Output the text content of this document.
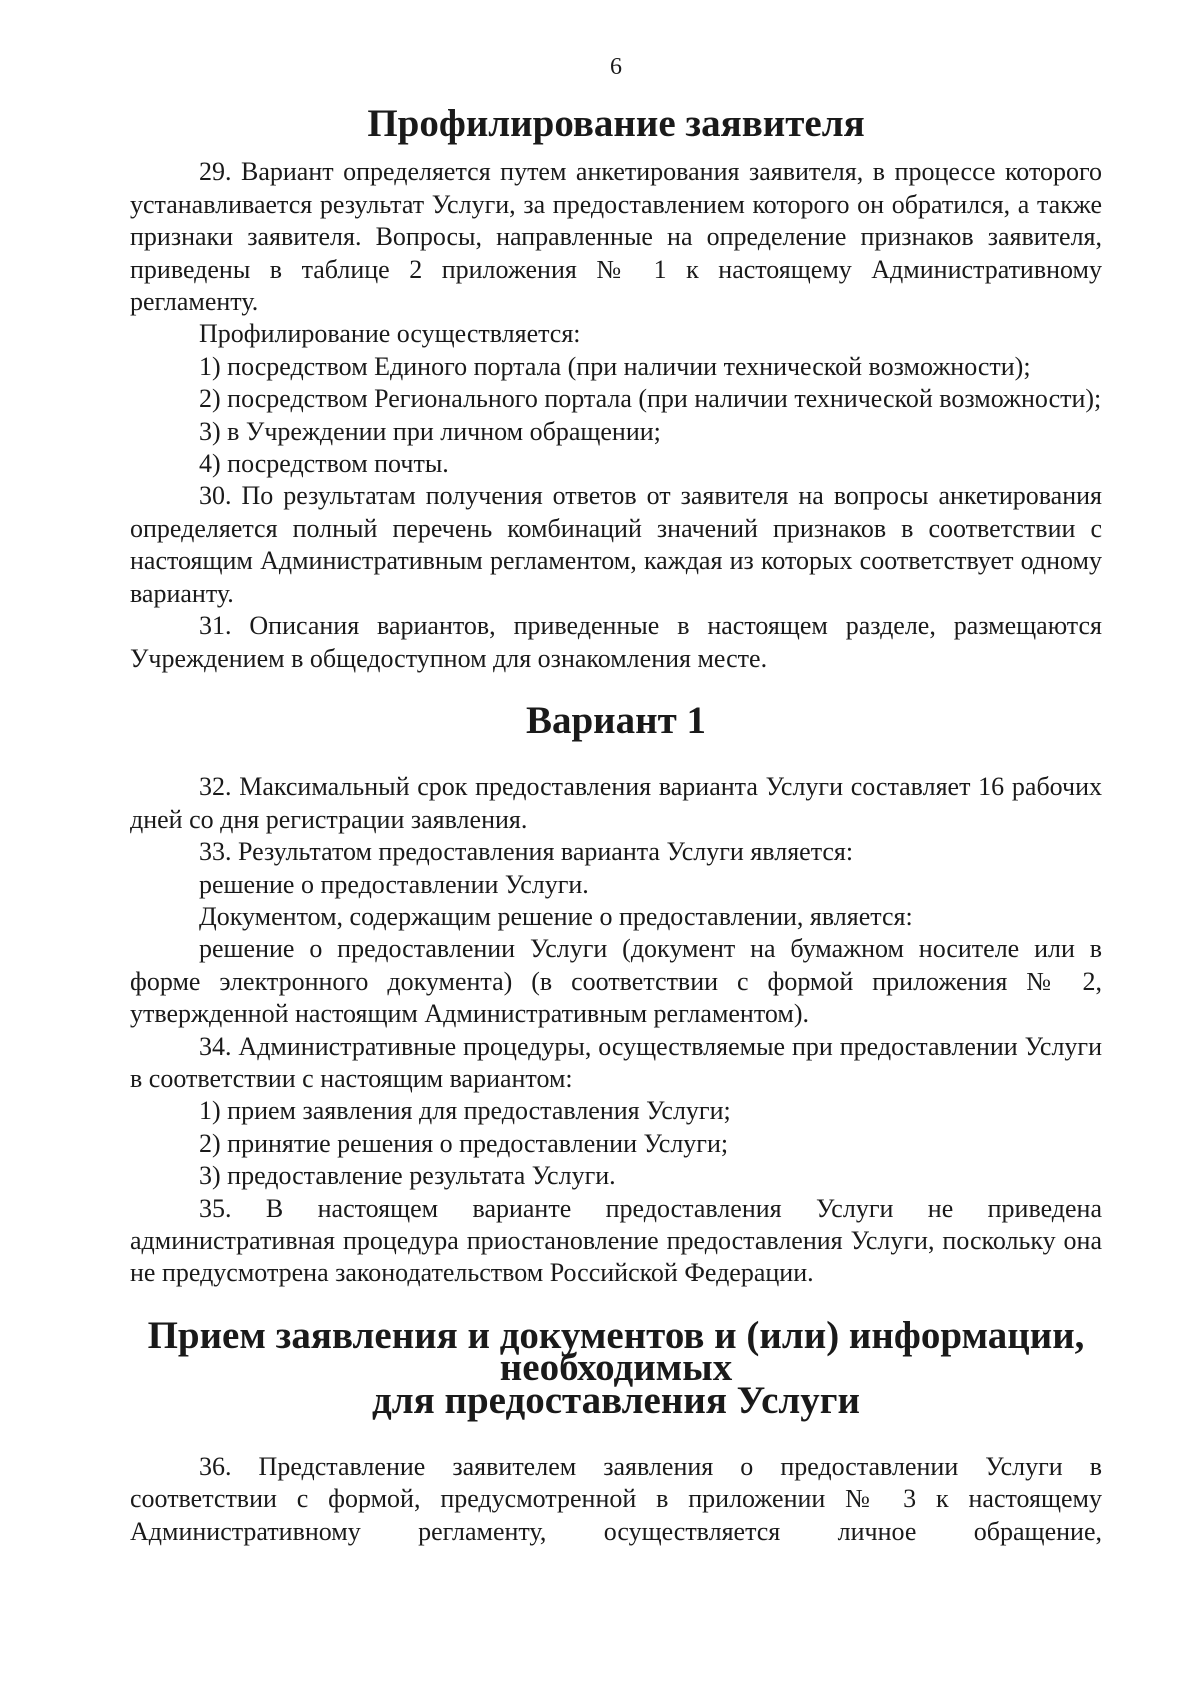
6
Профилирование заявителя

29. Вариант определяется путем анкетирования заявителя, в процессе которого устанавливается результат Услуги, за предоставлением которого он обратился, а также признаки заявителя. Вопросы, направленные на определение признаков заявителя, приведены в таблице 2 приложения № 1 к настоящему Административному регламенту.

Профилирование осуществляется:

1) посредством Единого портала (при наличии технической возможности);

2) посредством Регионального портала (при наличии технической возможности);

3) в Учреждении при личном обращении;

4) посредством почты.

30. По результатам получения ответов от заявителя на вопросы анкетирования определяется полный перечень комбинаций значений признаков в соответствии с настоящим Административным регламентом, каждая из которых соответствует одному варианту.

31. Описания вариантов, приведенные в настоящем разделе, размещаются Учреждением в общедоступном для ознакомления месте.

Вариант 1

32. Максимальный срок предоставления варианта Услуги составляет 16 рабочих дней со дня регистрации заявления.

33. Результатом предоставления варианта Услуги является:

решение о предоставлении Услуги.

Документом, содержащим решение о предоставлении, является:

решение о предоставлении Услуги (документ на бумажном носителе или в форме электронного документа) (в соответствии с формой приложения № 2, утвержденной настоящим Административным регламентом).

34. Административные процедуры, осуществляемые при предоставлении Услуги в соответствии с настоящим вариантом:

1) прием заявления для предоставления Услуги;

2) принятие решения о предоставлении Услуги;

3) предоставление результата Услуги.

35. В настоящем варианте предоставления Услуги не приведена административная процедура приостановление предоставления Услуги, поскольку она не предусмотрена законодательством Российской Федерации.

Прием заявления и документов и (или) информации, необходимых
для предоставления Услуги

36. Представление заявителем заявления о предоставлении Услуги в соответствии с формой, предусмотренной в приложении № 3 к настоящему Административному регламенту, осуществляется личное обращение,
